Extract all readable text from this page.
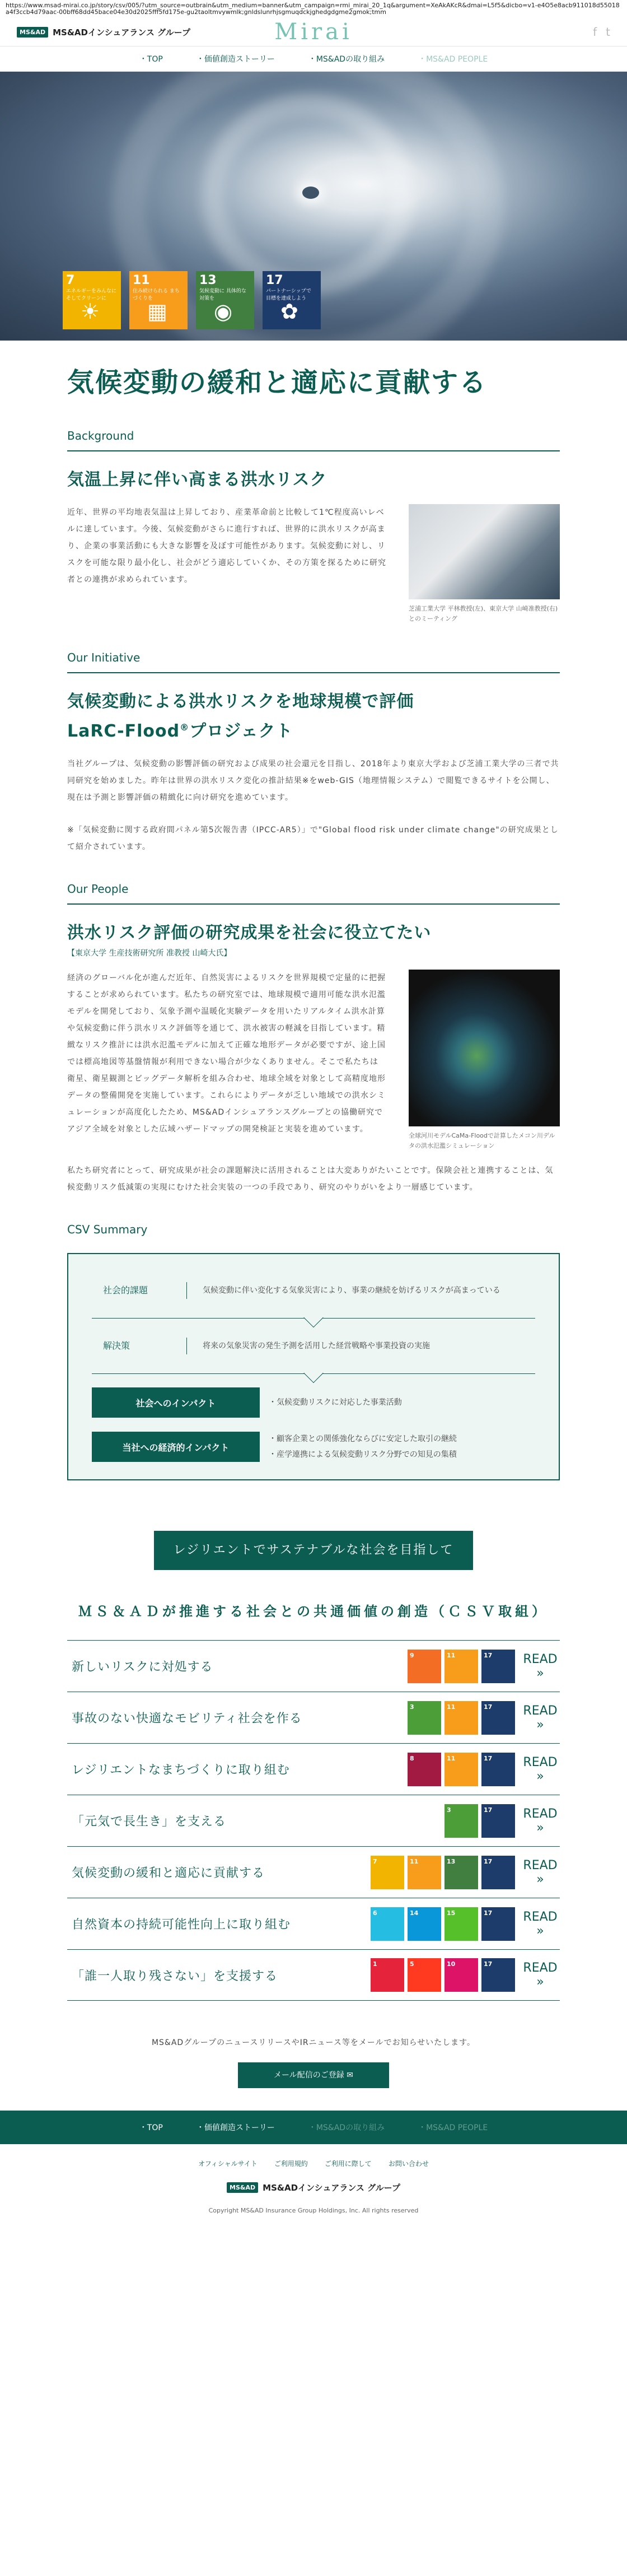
https://www.msad-mirai.co.jp/story/csv/005/?utm_source=outbrain&utm_medium=banner&utm_campaign=rmi_mirai_20_1q&argument=XeAkAKcR&dmai=L5f5&dicbo=v1-e4O5e8acb911018d55018a4f3ccb4d79aac-00bff68dd45bace04e30d2025fff5fd175e-gu2taoltmvywmlk;gnldslunrhjsgmuqdckjghedgdgme2gmok;tmm
MS&AD MS&ADインシュアランス グループ	Mirai	f t
・TOP	・価値創造ストーリー	・MS&ADの取り組み	・MS&AD PEOPLE
7
エネルギーをみんなに そしてクリーンに
☀
11
住み続けられる まちづくりを
▦
13
気候変動に 具体的な対策を
◉
17
パートナーシップで 目標を達成しよう
✿
気候変動の緩和と適応に貢献する
Background
気温上昇に伴い高まる洪水リスク

近年、世界の平均地表気温は上昇しており、産業革命前と比較して1℃程度高いレベルに達しています。今後、気候変動がさらに進行すれば、世界的に洪水リスクが高まり、企業の事業活動にも大きな影響を及ぼす可能性があります。気候変動に対し、リスクを可能な限り最小化し、社会がどう適応していくか、その方策を探るために研究者との連携が求められています。

芝浦工業大学 平林教授(左)、東京大学 山崎准教授(右)とのミーティング
Our Initiative
気候変動による洪水リスクを地球規模で評価
LaRC-Flood®プロジェクト

当社グループは、気候変動の影響評価の研究および成果の社会還元を目指し、2018年より東京大学および芝浦工業大学の三者で共同研究を始めました。昨年は世界の洪水リスク変化の推計結果※をweb-GIS（地理情報システム）で閲覧できるサイトを公開し、現在は予測と影響評価の精緻化に向け研究を進めています。

※「気候変動に関する政府間パネル第5次報告書（IPCC-AR5）」で"Global flood risk under climate change"の研究成果として紹介されています。

Our People
洪水リスク評価の研究成果を社会に役立てたい
【東京大学 生産技術研究所 准教授 山崎大氏】

経済のグローバル化が進んだ近年、自然災害によるリスクを世界規模で定量的に把握することが求められています。私たちの研究室では、地球規模で適用可能な洪水氾濫モデルを開発しており、気象予測や温暖化実験データを用いたリアルタイム洪水計算や気候変動に伴う洪水リスク評価等を通じて、洪水被害の軽減を目指しています。精緻なリスク推計には洪水氾濫モデルに加えて正確な地形データが必要ですが、途上国では標高地図等基盤情報が利用できない場合が少なくありません。そこで私たちは衛星、衛星観測とビッグデータ解析を組み合わせ、地球全域を対象として高精度地形データの整備開発を実施しています。これらによりデータが乏しい地域での洪水シミュレーションが高度化したため、MS&ADインシュアランスグループとの協働研究でアジア全域を対象とした広域ハザードマップの開発検証と実装を進めています。

全球河川モデルCaMa-Floodで計算したメコン川デルタの洪水氾濫シミュレーション

私たち研究者にとって、研究成果が社会の課題解決に活用されることは大変ありがたいことです。保険会社と連携することは、気候変動リスク低減策の実現にむけた社会実装の一つの手段であり、研究のやりがいをより一層感じています。

CSV Summary
社会的課題	気候変動に伴い変化する気象災害により、事業の継続を妨げるリスクが高まっている
解決策	将来の気象災害の発生予測を活用した経営戦略や事業投資の実施
社会へのインパクト	・気候変動リスクに対応した事業活動
当社への経済的インパクト
・顧客企業との関係強化ならびに安定した取引の継続
・産学連携による気候変動リスク分野での知見の集積
レジリエントでサステナブルな社会を目指して
ＭＳ＆ＡＤが推進する社会との共通価値の創造（ＣＳＶ取組）
新しいリスクに対処する
9	11	17	READ
»
事故のない快適なモビリティ社会を作る
3	11	17	READ
»
レジリエントなまちづくりに取り組む
8	11	17	READ
»
「元気で長生き」を支える
3	17	READ
»
気候変動の緩和と適応に貢献する
7	11	13	17	READ
»
自然資本の持続可能性向上に取り組む
6	14	15	17	READ
»
「誰一人取り残さない」を支援する
1	5	10	17	READ
»

MS&ADグループのニュースリリースやIRニュース等をメールでお知らせいたします。

メール配信のご登録 ✉
・TOP	・価値創造ストーリー	・MS&ADの取り組み	・MS&AD PEOPLE
オフィシャルサイト	ご利用規約	ご利用に際して	お問い合わせ
MS&AD MS&ADインシュアランス グループ
Copyright MS&AD Insurance Group Holdings, Inc. All rights reserved
